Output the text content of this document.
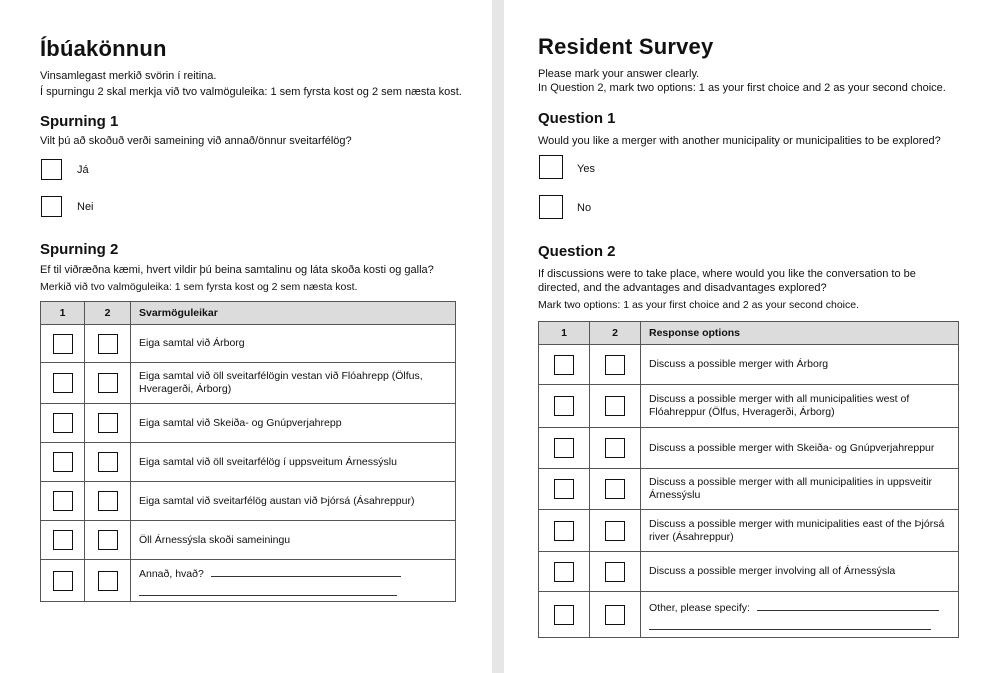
Íbúakönnun
Vinsamlegast merkið svörin í reitina.
Í spurningu 2 skal merkja við tvo valmöguleika: 1 sem fyrsta kost og 2 sem næsta kost.
Spurning 1
Vilt þú að skoðuð verði sameining við annað/önnur sveitarfélög?
Já
Nei
Spurning 2
Ef til viðræðna kæmi, hvert vildir þú beina samtalinu og láta skoða kosti og galla?
Merkið við tvo valmöguleika: 1 sem fyrsta kost og 2 sem næsta kost.
1	2	Svarmöguleikar
		Eiga samtal við Árborg
		Eiga samtal við öll sveitarfélögin vestan við Flóahrepp (Ölfus, Hveragerði, Árborg)
		Eiga samtal við Skeiða- og Gnúpverjahrepp
		Eiga samtal við öll sveitarfélög í uppsveitum Árnessýslu
		Eiga samtal við sveitarfélög austan við Þjórsá (Ásahreppur)
		Öll Árnessýsla skoði sameiningu
		Annað, hvað?
Resident Survey
Please mark your answer clearly.
In Question 2, mark two options: 1 as your first choice and 2 as your second choice.
Question 1
Would you like a merger with another municipality or municipalities to be explored?
Yes
No
Question 2
If discussions were to take place, where would you like the conversation to be
directed, and the advantages and disadvantages explored?
Mark two options: 1 as your first choice and 2 as your second choice.
1	2	Response options
		Discuss a possible merger with Árborg
		Discuss a possible merger with all municipalities west of Flóahreppur (Ölfus, Hveragerði, Árborg)
		Discuss a possible merger with Skeiða- og Gnúpverjahreppur
		Discuss a possible merger with all municipalities in uppsveitir Árnessýslu
		Discuss a possible merger with municipalities east of the Þjórsá river (Ásahreppur)
		Discuss a possible merger involving all of Árnessýsla
		Other, please specify:
